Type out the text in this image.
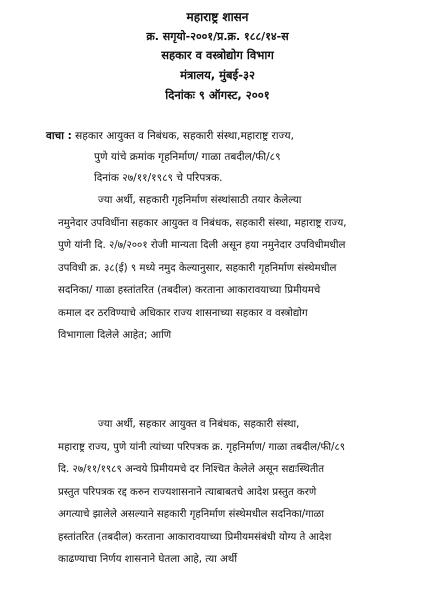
महाराष्ट्र शासन
क्र. सगृयो-२००१/प्र.क्र. १८८/१४-स
सहकार व वस्त्रोद्योग विभाग
मंत्रालय, मुंबई-३२
दिनांकः ९ ऑगस्ट, २००१
वाचा : सहकार आयुक्त व निबंधक, सहकारी संस्था,महाराष्ट्र राज्य,
पुणे यांचे क्रमांक गृहनिर्माण/ गाळा तबदील/फी/८९
दिनांक २७/११/१९८९ चे परिपत्रक.
ज्या अर्थी, सहकारी गृहनिर्माण संस्थांसाठी तयार केलेल्या
नमुनेदार उपविधींना सहकार आयुक्त व निबंधक, सहकारी संस्था, महाराष्ट्र राज्य,
पुणे यांनी दि. २/७/२००१ रोजी मान्यता दिली असून हया नमुनेदार उपविधीमधील
उपविधी क्र. ३८(ई) ९ मध्ये नमुद केल्यानुसार, सहकारी गृहनिर्माण संस्थेमधील
सदनिका/ गाळा हस्तांतरित (तबदील) करताना आकारावयाच्या प्रिमीयमचे
कमाल दर ठरविण्याचे अधिकार राज्य शासनाच्या सहकार व वस्त्रोद्योग
विभागाला दिलेले आहेत; आणि
ज्या अर्थी, सहकार आयुक्त व निबंधक, सहकारी संस्था,
महाराष्ट्र राज्य, पुणे यांनी त्यांच्या परिपत्रक क्र. गृहनिर्माण/ गाळा तबदील/फी/८९
दि. २७/११/१९८९ अन्वये प्रिमीयमचे दर निश्चित केलेले असून सद्यःस्थितीत
प्रस्तुत परिपत्रक रद्द करुन राज्यशासनाने त्याबाबतचे आदेश प्रस्तुत करणे
अगत्याचे झालेले असल्याने सहकारी गृहनिर्माण संस्थेमधील सदनिका/गाळा
हस्तांतरित (तबदील) करताना आकारावयाच्या प्रिमीयमसंबंधी योग्य ते आदेश
काढण्याचा निर्णय शासनाने घेतला आहे, त्या अर्थी
